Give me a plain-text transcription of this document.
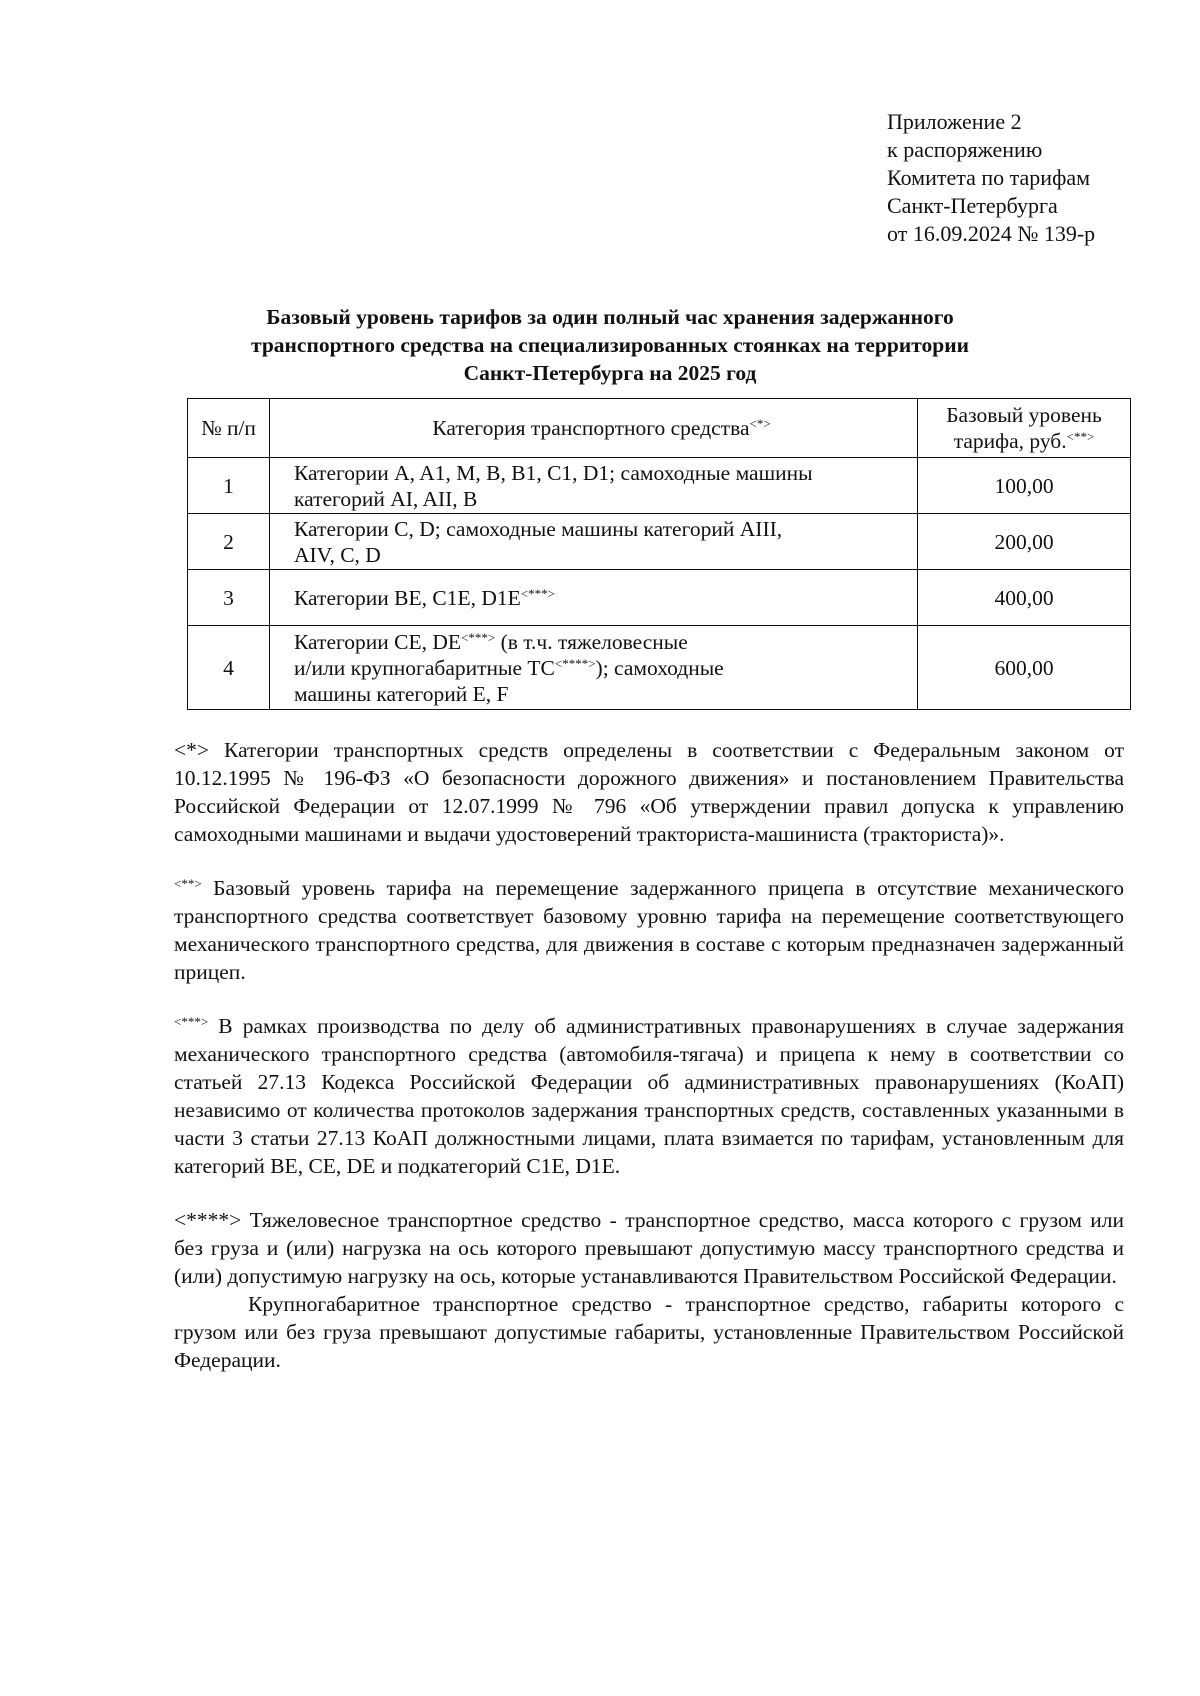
Приложение 2
к распоряжению
Комитета по тарифам
Санкт-Петербурга
от 16.09.2024 № 139-р
Базовый уровень тарифов за один полный час хранения задержанного
транспортного средства на специализированных стоянках на территории
Санкт-Петербурга на 2025 год
№ п/п	Категория транспортного средства<*>	Базовый уровень
тарифа, руб.<**>

1	Категории A, A1, M, B, B1, C1, D1; самоходные машины
категорий AI, AII, B	100,00
2	Категории C, D; самоходные машины категорий AIII,
AIV, C, D	200,00
3	Категории BE, C1E, D1E<***>	400,00
4	Категории CE, DE<***> (в т.ч. тяжеловесные
и/или крупногабаритные ТС<****>); самоходные
машины категорий E, F	600,00

<*> Категории транспортных средств определены в соответствии с Федеральным законом от 10.12.1995 № 196-ФЗ «О безопасности дорожного движения» и постановлением Правительства Российской Федерации от 12.07.1999 № 796 «Об утверждении правил допуска к управлению самоходными машинами и выдачи удостоверений тракториста-машиниста (тракториста)».

<**> Базовый уровень тарифа на перемещение задержанного прицепа в отсутствие механического транспортного средства соответствует базовому уровню тарифа на перемещение соответствующего механического транспортного средства, для движения в составе с которым предназначен задержанный прицеп.

<***> В рамках производства по делу об административных правонарушениях в случае задержания механического транспортного средства (автомобиля-тягача) и прицепа к нему в соответствии со статьей 27.13 Кодекса Российской Федерации об административных правонарушениях (КоАП) независимо от количества протоколов задержания транспортных средств, составленных указанными в части 3 статьи 27.13 КоАП должностными лицами, плата взимается по тарифам, установленным для категорий BE, CE, DE и подкатегорий C1E, D1E.

<****> Тяжеловесное транспортное средство - транспортное средство, масса которого с грузом или без груза и (или) нагрузка на ось которого превышают допустимую массу транспортного средства и (или) допустимую нагрузку на ось, которые устанавливаются Правительством Российской Федерации.

Крупногабаритное транспортное средство - транспортное средство, габариты которого с грузом или без груза превышают допустимые габариты, установленные Правительством Российской Федерации.
